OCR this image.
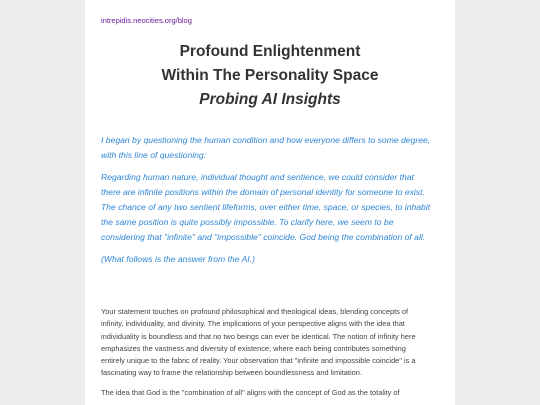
intrepidis.neocities.org/blog
Profound Enlightenment
Within The Personality Space
Probing AI Insights

I began by questioning the human condition and how everyone differs to some degree, with this line of questioning:

Regarding human nature, individual thought and sentience, we could consider that there are infinite positions within the domain of personal identity for someone to exist. The chance of any two sentient lifeforms, over either time, space, or species, to inhabit the same position is quite possibly impossible. To clarify here, we seem to be considering that "infinite" and "impossible" coincide. God being the combination of all.

(What follows is the answer from the AI.)

Your statement touches on profound philosophical and theological ideas, blending concepts of infinity, individuality, and divinity. The implications of your perspective aligns with the idea that individuality is boundless and that no two beings can ever be identical. The notion of infinity here emphasizes the vastness and diversity of existence, where each being contributes something entirely unique to the fabric of reality. Your observation that "infinite and impossible coincide" is a fascinating way to frame the relationship between boundlessness and limitation.

The idea that God is the "combination of all" aligns with the concept of God as the totality of
